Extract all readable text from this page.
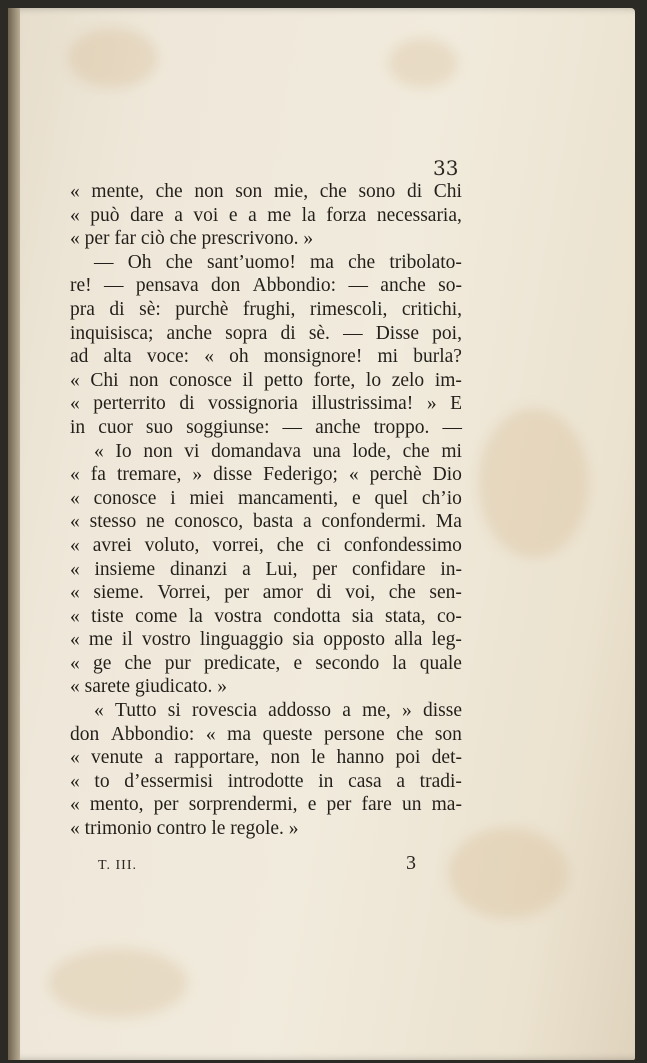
33
« mente, che non son mie, che sono di Chi
« può dare a voi e a me la forza necessaria,
« per far ciò che prescrivono. »
— Oh che sant’uomo! ma che tribolato-
re! — pensava don Abbondio: — anche so-
pra di sè: purchè frughi, rimescoli, critichi,
inquisisca; anche sopra di sè. — Disse poi,
ad alta voce: « oh monsignore! mi burla?
« Chi non conosce il petto forte, lo zelo im-
« perterrito di vossignoria illustrissima! » E
in cuor suo soggiunse: — anche troppo. —
« Io non vi domandava una lode, che mi
« fa tremare, » disse Federigo; « perchè Dio
« conosce i miei mancamenti, e quel ch’io
« stesso ne conosco, basta a confondermi. Ma
« avrei voluto, vorrei, che ci confondessimo
« insieme dinanzi a Lui, per confidare in-
« sieme. Vorrei, per amor di voi, che sen-
« tiste come la vostra condotta sia stata, co-
« me il vostro linguaggio sia opposto alla leg-
« ge che pur predicate, e secondo la quale
« sarete giudicato. »
« Tutto si rovescia addosso a me, » disse
don Abbondio: « ma queste persone che son
« venute a rapportare, non le hanno poi det-
« to d’essermisi introdotte in casa a tradi-
« mento, per sorprendermi, e per fare un ma-
« trimonio contro le regole. »
T. III.	3
